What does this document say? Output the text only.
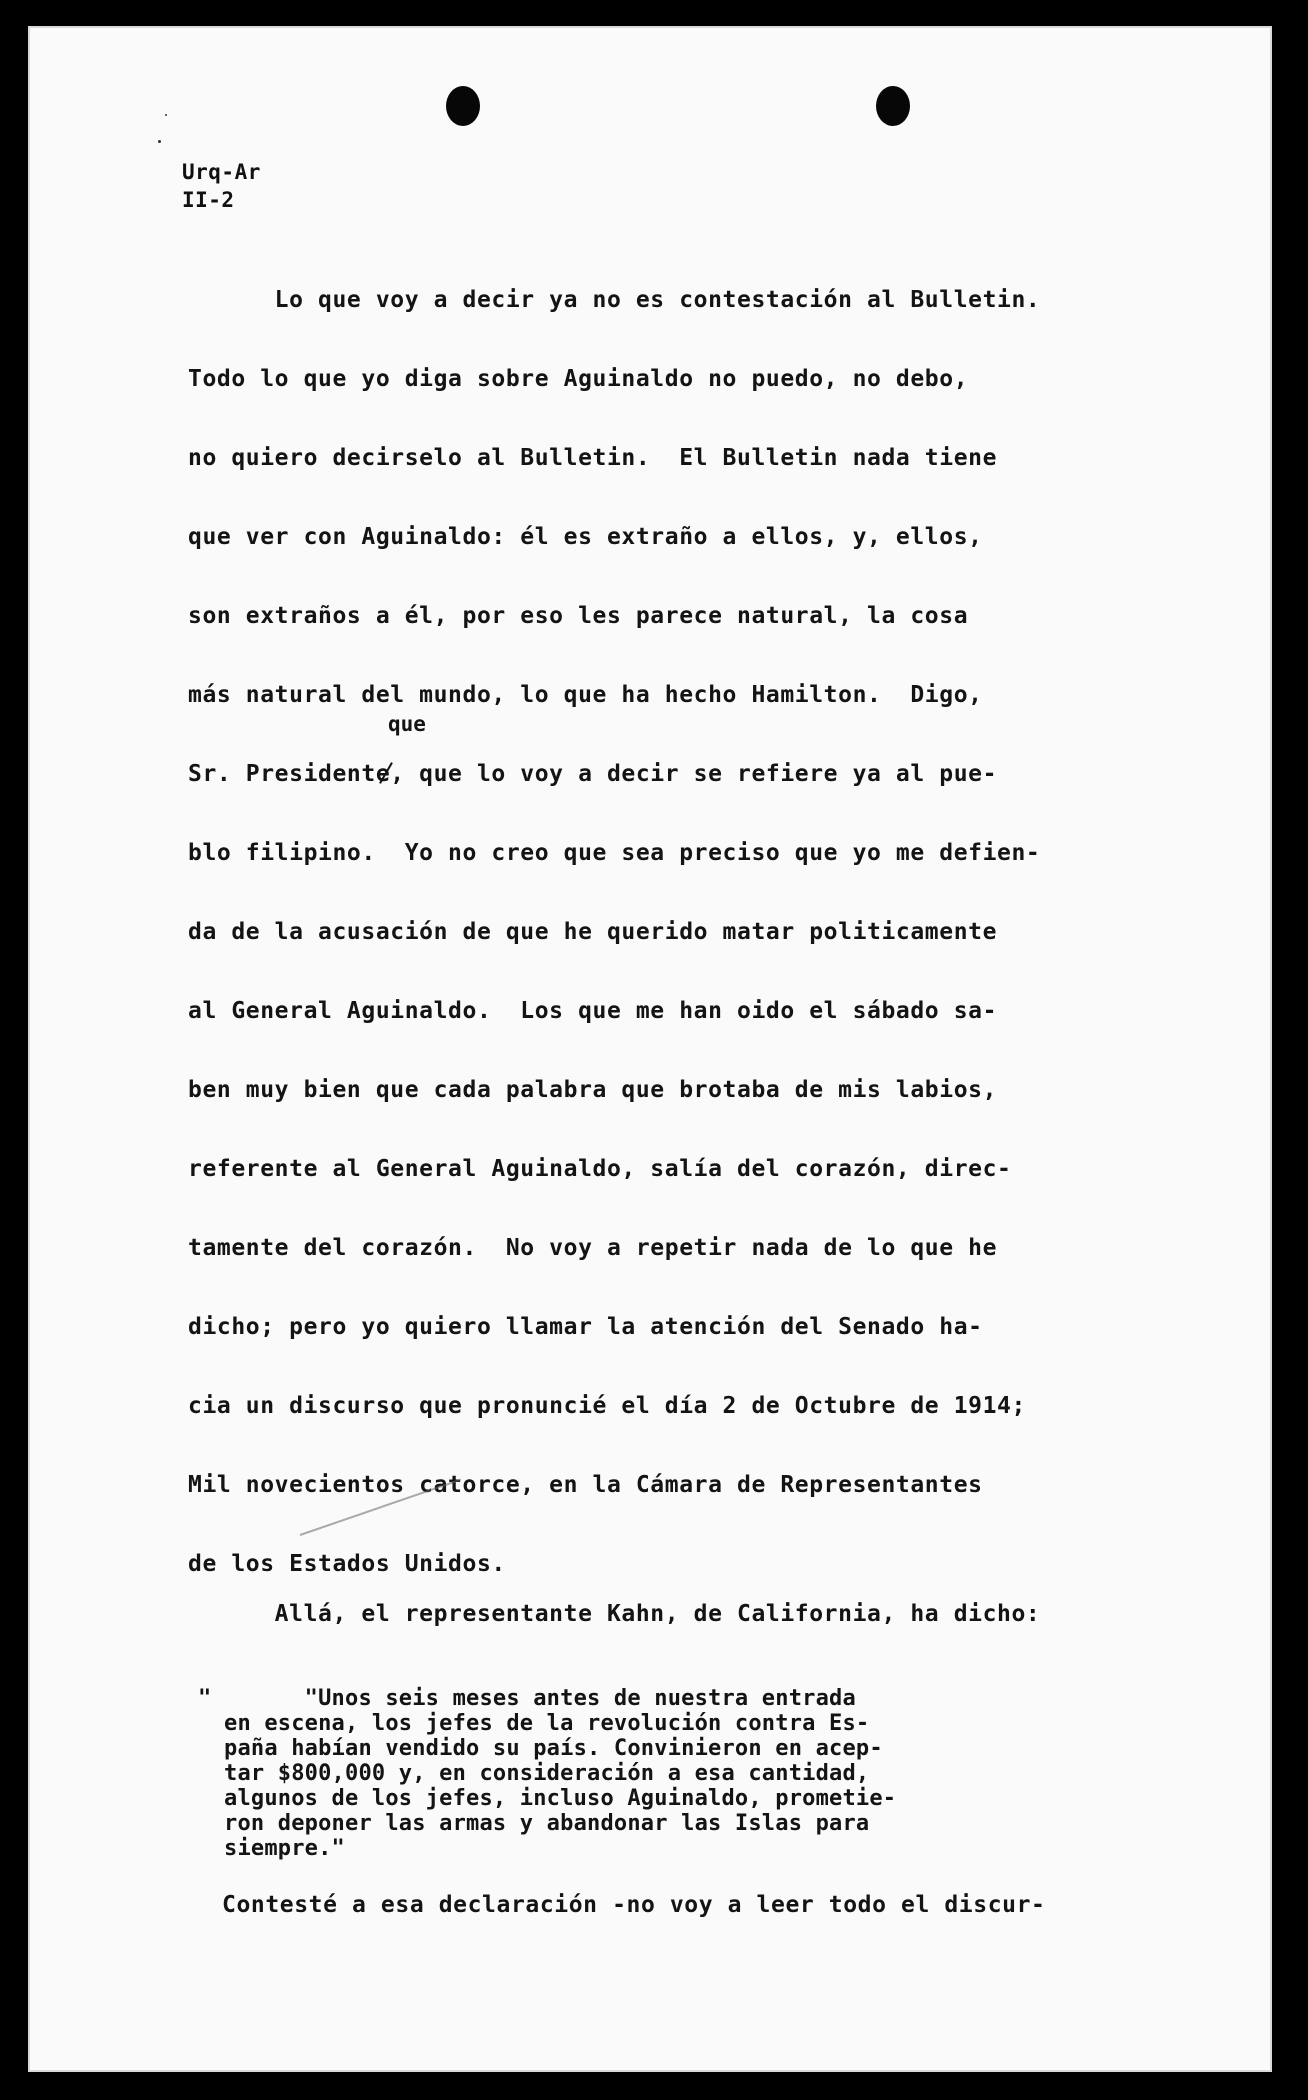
Urq-Ar
II-2
que
Lo que voy a decir ya no es contestación al Bulletin.
Todo lo que yo diga sobre Aguinaldo no puedo, no debo,
no quiero decirselo al Bulletin.  El Bulletin nada tiene
que ver con Aguinaldo: él es extraño a ellos, y, ellos,
son extraños a él, por eso les parece natural, la cosa
más natural del mundo, lo que ha hecho Hamilton.  Digo,
Sr. Presidente, que lo voy a decir se refiere ya al pue-
blo filipino.  Yo no creo que sea preciso que yo me defien-
da de la acusación de que he querido matar politicamente
al General Aguinaldo.  Los que me han oido el sábado sa-
ben muy bien que cada palabra que brotaba de mis labios,
referente al General Aguinaldo, salía del corazón, direc-
tamente del corazón.  No voy a repetir nada de lo que he
dicho; pero yo quiero llamar la atención del Senado ha-
cia un discurso que pronuncié el día 2 de Octubre de 1914;
Mil novecientos catorce, en la Cámara de Representantes
de los Estados Unidos.
Allá, el representante Kahn, de California, ha dicho:
" "Unos seis meses antes de nuestra entrada
en escena, los jefes de la revolución contra Es-
paña habían vendido su país. Convinieron en acep-
tar $800,000 y, en consideración a esa cantidad,
algunos de los jefes, incluso Aguinaldo, prometie-
ron deponer las armas y abandonar las Islas para
siempre."
Contesté a esa declaración -no voy a leer todo el discur-
